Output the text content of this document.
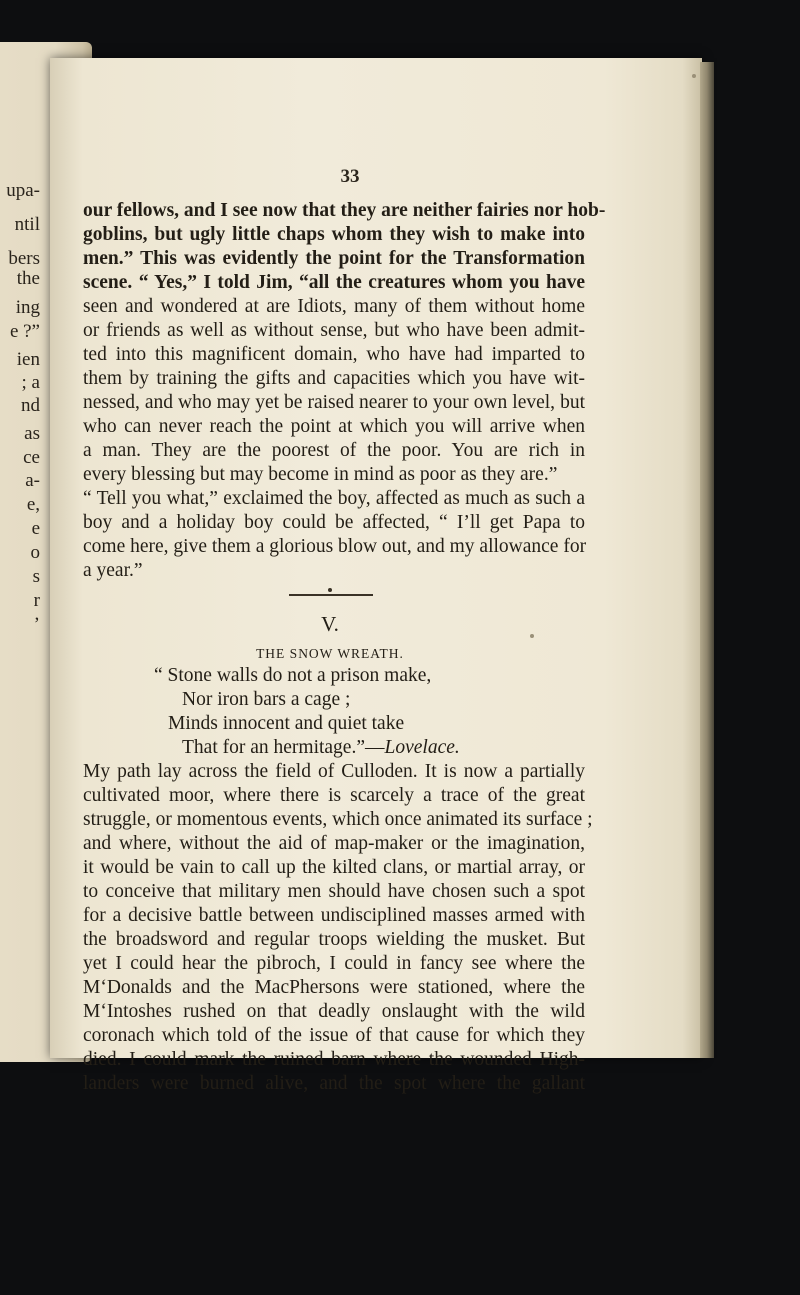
upa-
ntil
bers
the
ing
e ?”
ien
; a
nd
as
ce
a-
e,
e
o
s
r
’
33
our fellows, and I see now that they are neither fairies nor hob-
goblins, but ugly little chaps whom they wish to make into
men.” This was evidently the point for the Transformation
scene. “ Yes,” I told Jim, “all the creatures whom you have
seen and wondered at are Idiots, many of them without home
or friends as well as without sense, but who have been admit-
ted into this magnificent domain, who have had imparted to
them by training the gifts and capacities which you have wit-
nessed, and who may yet be raised nearer to your own level, but
who can never reach the point at which you will arrive when
a man. They are the poorest of the poor. You are rich in
every blessing but may become in mind as poor as they are.”
“ Tell you what,” exclaimed the boy, affected as much as such a
boy and a holiday boy could be affected, “ I’ll get Papa to
come here, give them a glorious blow out, and my allowance for
a year.”
V.
THE SNOW WREATH.
“ Stone walls do not a prison make,
Nor iron bars a cage ;
Minds innocent and quiet take
That for an hermitage.”—Lovelace.
My path lay across the field of Culloden. It is now a partially
cultivated moor, where there is scarcely a trace of the great
struggle, or momentous events, which once animated its surface ;
and where, without the aid of map-maker or the imagination,
it would be vain to call up the kilted clans, or martial array, or
to conceive that military men should have chosen such a spot
for a decisive battle between undisciplined masses armed with
the broadsword and regular troops wielding the musket. But
yet I could hear the pibroch, I could in fancy see where the
M‘Donalds and the MacPhersons were stationed, where the
M‘Intoshes rushed on that deadly onslaught with the wild
coronach which told of the issue of that cause for which they
died. I could mark the ruined barn where the wounded High-
landers were burned alive, and the spot where the gallant
